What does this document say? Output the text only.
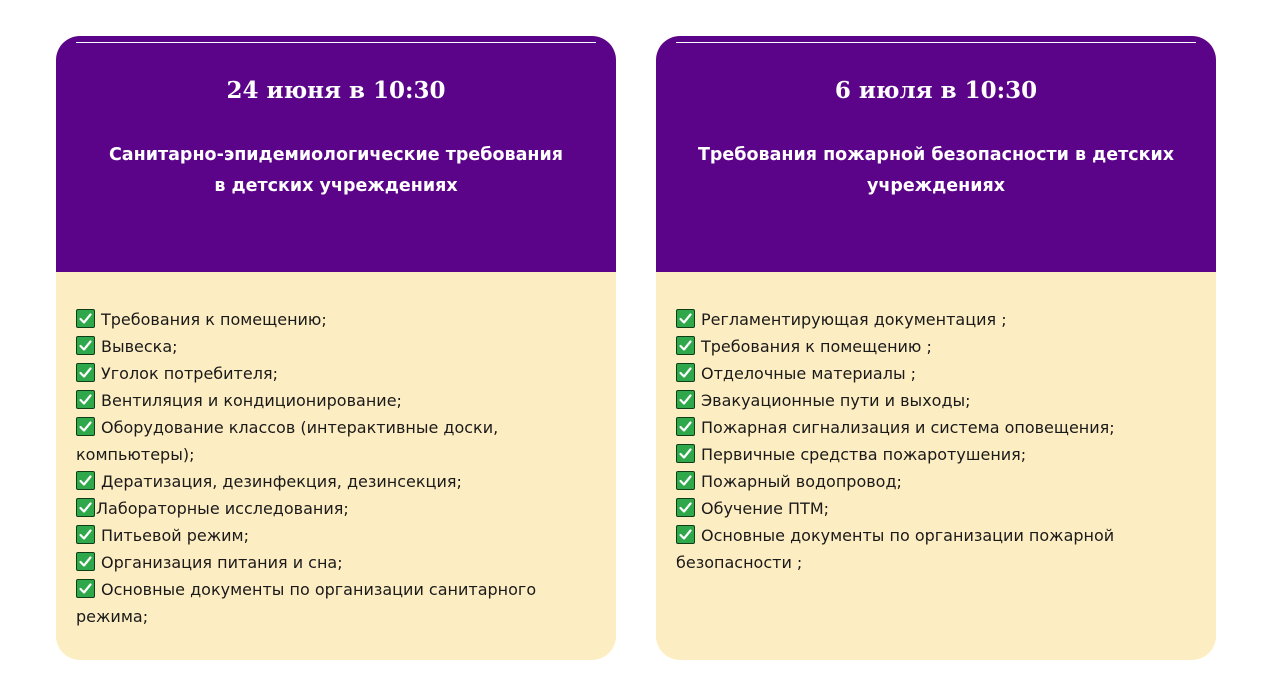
24 июня в 10:30
Санитарно-эпидемиологические требования
в детских учреждениях
Требования к помещению;
Вывеска;
Уголок потребителя;
Вентиляция и кондиционирование;
Оборудование классов (интерактивные доски, компьютеры);
Дератизация, дезинфекция, дезинсекция;
Лабораторные исследования;
Питьевой режим;
Организация питания и сна;
Основные документы по организации санитарного режима;
6 июля в 10:30
Требования пожарной безопасности в детских
учреждениях
Регламентирующая документация ;
Требования к помещению ;
Отделочные материалы ;
Эвакуационные пути и выходы;
Пожарная сигнализация и система оповещения;
Первичные средства пожаротушения;
Пожарный водопровод;
Обучение ПТМ;
Основные документы по организации пожарной безопасности ;
